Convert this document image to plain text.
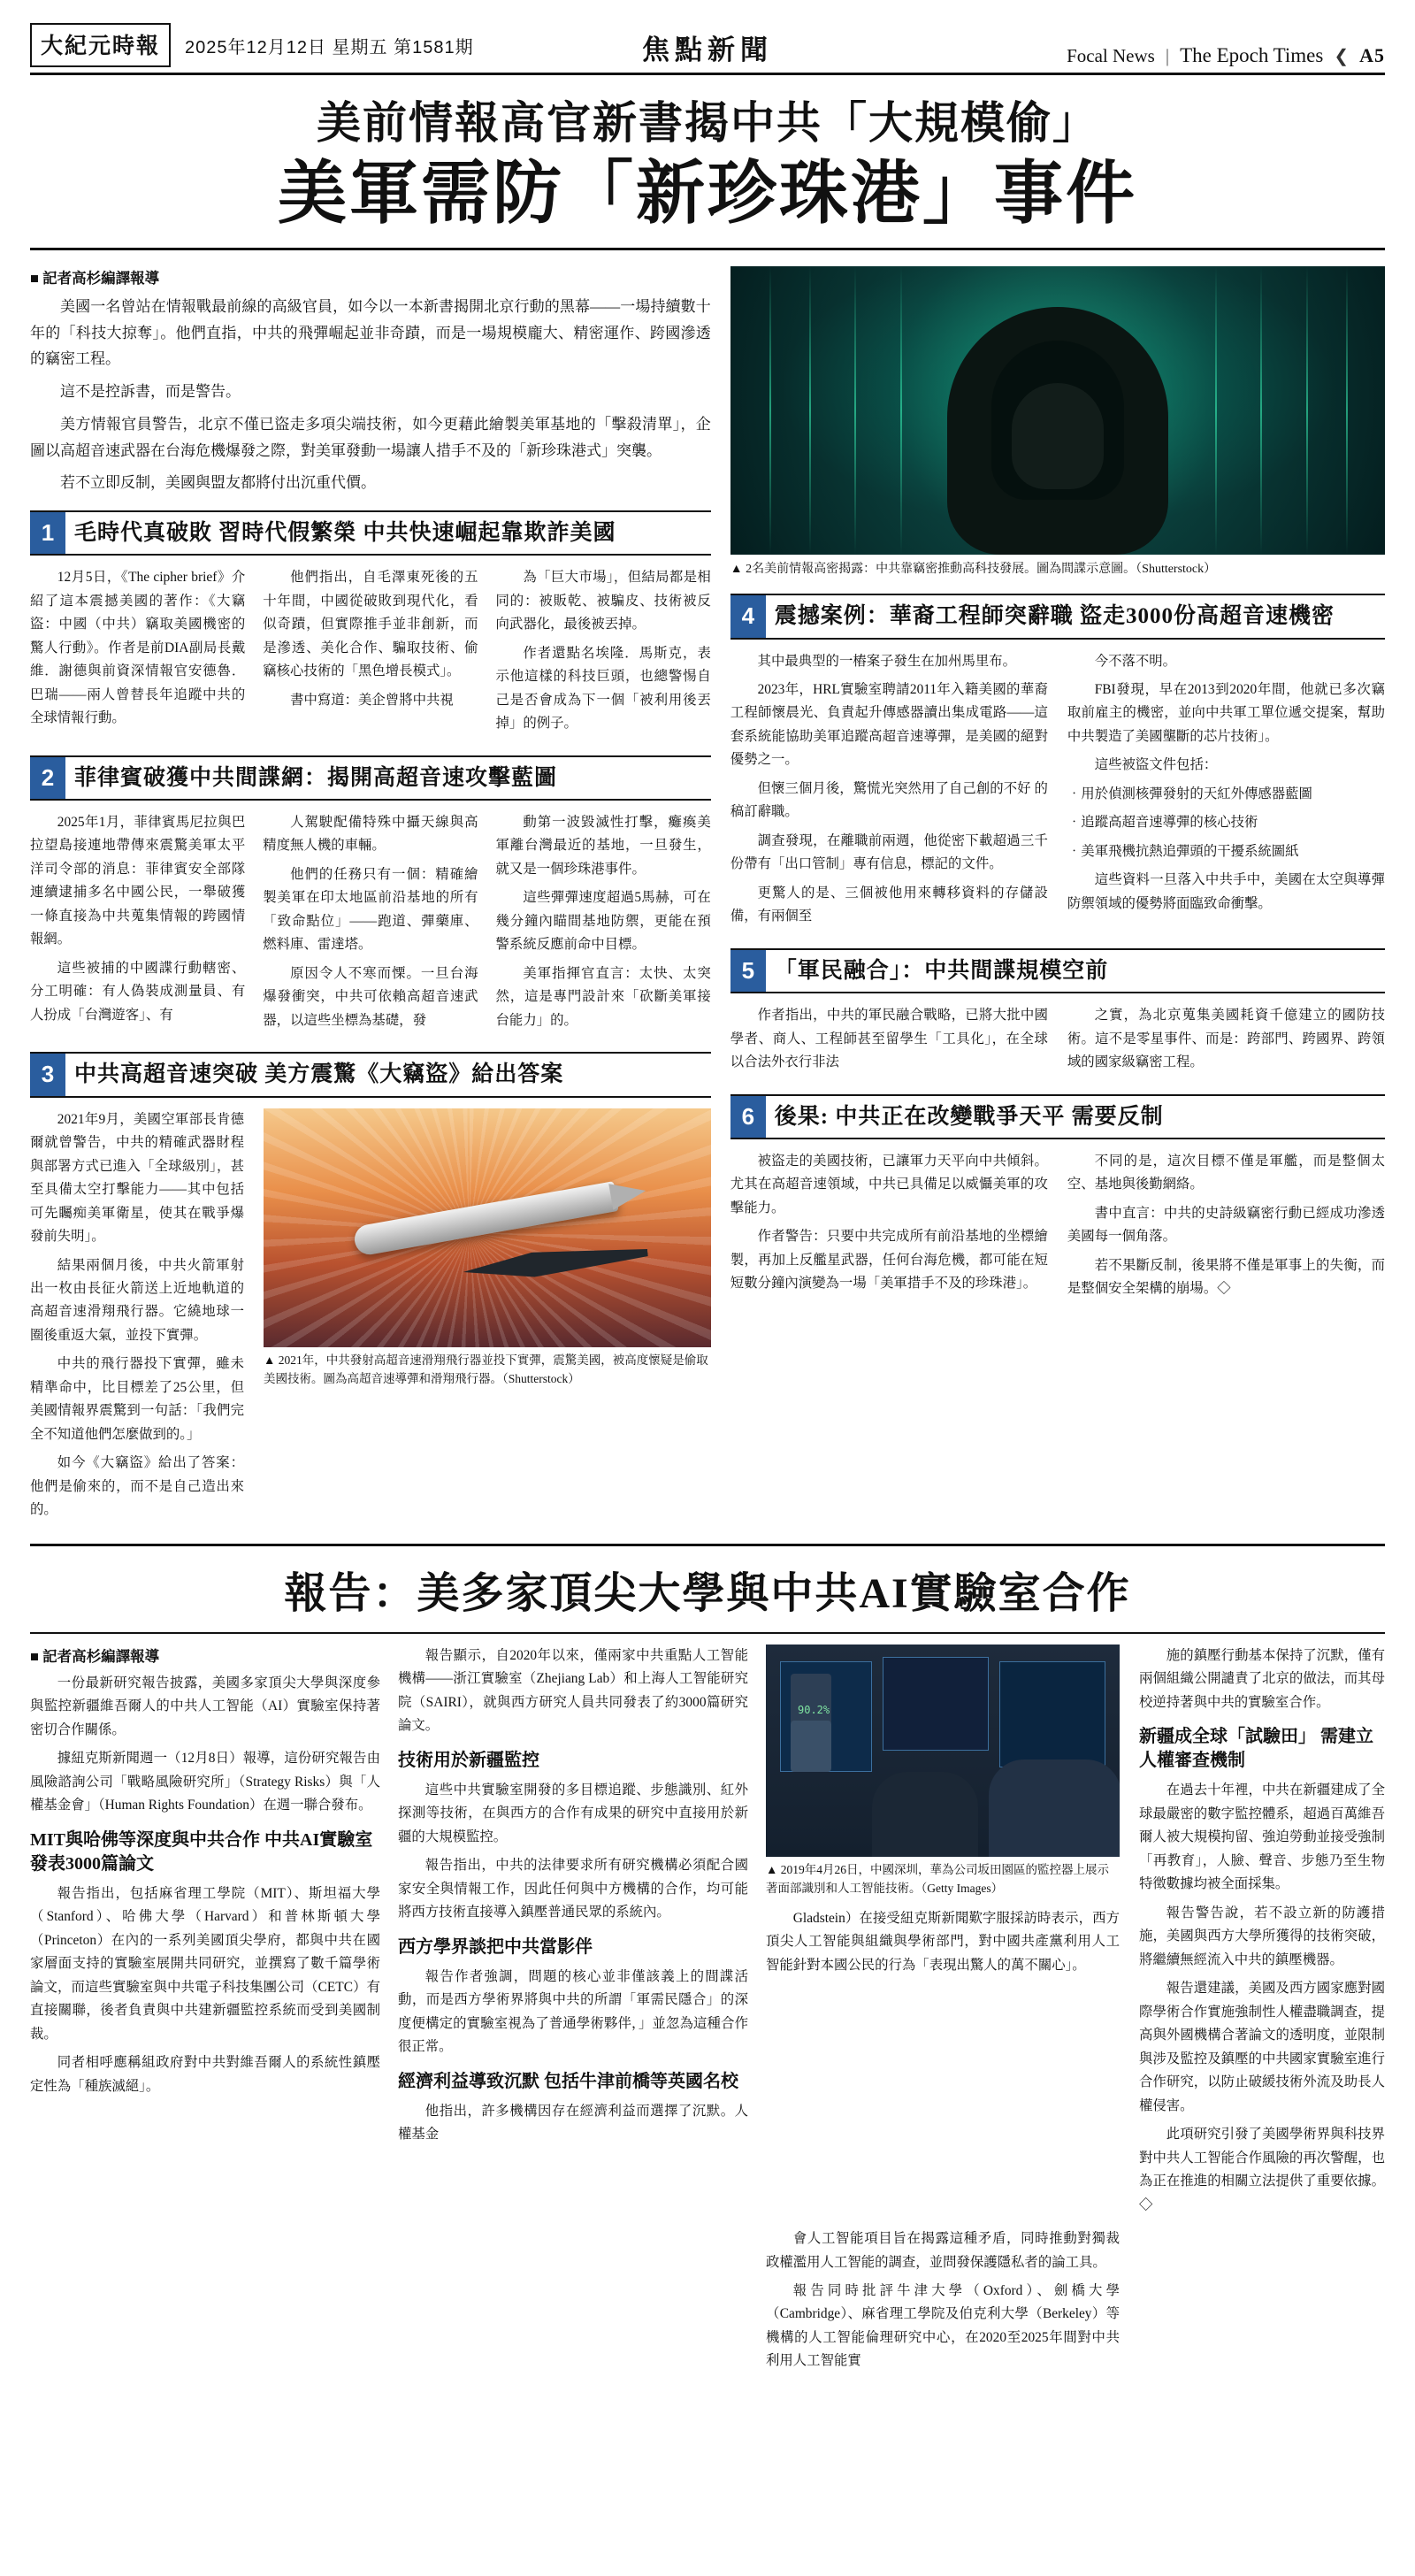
大紀元時報	2025年12月12日 星期五 第1581期	焦點新聞	Focal News | The Epoch Times ❮ A5
美前情報高官新書揭中共「大規模偷」
美軍需防「新珍珠港」事件
■ 記者高杉編譯報導

美國一名曾站在情報戰最前線的高級官員，如今以一本新書揭開北京行動的黑幕——一場持續數十年的「科技大掠奪」。他們直指，中共的飛彈崛起並非奇蹟，而是一場規模龐大、精密運作、跨國滲透的竊密工程。

這不是控訴書，而是警告。

美方情報官員警告，北京不僅已盜走多項尖端技術，如今更藉此繪製美軍基地的「擊殺清單」，企圖以高超音速武器在台海危機爆發之際，對美軍發動一場讓人措手不及的「新珍珠港式」突襲。

若不立即反制，美國與盟友都將付出沉重代價。

1 毛時代真破敗 習時代假繁榮 中共快速崛起靠欺詐美國

12月5日，《The cipher brief》介紹了這本震撼美國的著作：《大竊盜：中國（中共）竊取美國機密的驚人行動》。作者是前DIA副局長戴維．謝德與前資深情報官安德魯．巴瑞——兩人曾替長年追蹤中共的全球情報行動。

他們指出，自毛澤東死後的五十年間，中國從破敗到現代化，看似奇蹟，但實際推手並非創新，而是滲透、美化合作、騙取技術、偷竊核心技術的「黑色增長模式」。

書中寫道：美企曾將中共視

為「巨大市場」，但結局都是相同的：被販乾、被騙皮、技術被反向武器化，最後被丟掉。

作者還點名埃隆．馬斯克，表示他這樣的科技巨頭，也總警惕自己是否會成為下一個「被利用後丟掉」的例子。

2 菲律賓破獲中共間諜網：揭開高超音速攻擊藍圖

2025年1月，菲律賓馬尼拉與巴拉望島接連地帶傳來震驚美軍太平洋司令部的消息：菲律賓安全部隊連續逮捕多名中國公民，一舉破獲一條直接為中共蒐集情報的跨國情報網。

這些被捕的中國諜行動轄密、分工明確：有人偽裝成測量員、有人扮成「台灣遊客」、有

人駕駛配備特殊中攝天線與高精度無人機的車輛。

他們的任務只有一個：精確繪製美軍在印太地區前沿基地的所有「致命點位」——跑道、彈藥庫、燃料庫、雷達塔。

原因令人不寒而慄。一旦台海爆發衝突，中共可依賴高超音速武器，以這些坐標為基礎，發

動第一波毀滅性打擊，癱瘓美軍離台灣最近的基地，一旦發生，就又是一個珍珠港事件。

這些彈彈速度超過5馬赫，可在幾分鐘內瞄間基地防禦，更能在預警系統反應前命中目標。

美軍指揮官直言：太快、太突然，這是專門設計來「砍斷美軍接台能力」的。

3 中共高超音速突破 美方震驚《大竊盜》給出答案

2021年9月，美國空軍部長肯德爾就曾警告，中共的精確武器財程與部署方式已進入「全球級別」，甚至具備太空打擊能力——其中包括可先矚痴美軍衛星，使其在戰爭爆發前失明」。

結果兩個月後，中共火箭軍射出一枚由長征火箭送上近地軌道的高超音速滑翔飛行器。它繞地球一圈後重返大氣，並投下實彈。

中共的飛行器投下實彈，雖未精準命中，比目標差了25公里，但美國情報界震驚到一句話：「我們完全不知道他們怎麼做到的。」

如今《大竊盜》給出了答案：他們是偷來的，而不是自己造出來的。

▲ 2021年，中共發射高超音速滑翔飛行器並投下實彈，震驚美國，被高度懷疑是偷取美國技術。圖為高超音速導彈和滑翔飛行器。（Shutterstock）
▲ 2名美前情報高密揭露：中共靠竊密推動高科技發展。圖為間諜示意圖。（Shutterstock）
4 震撼案例：華裔工程師突辭職 盜走3000份高超音速機密

其中最典型的一樁案子發生在加州馬里布。

2023年，HRL實驗室聘請2011年入籍美國的華裔工程師懷晨光、負責起升傳感器讀出集成電路——這套系統能協助美軍追蹤高超音速導彈，是美國的絕對優勢之一。

但懷三個月後，驚慌光突然用了自己創的不好 的稿訂辭職。

調查發現，在離職前兩週，他從密下載超過三千份帶有「出口管制」專有信息，標記的文件。

更驚人的是、三個被他用來轉移資料的存儲設備，有兩個至

今不落不明。

FBI發現，早在2013到2020年間，他就已多次竊取前雇主的機密，並向中共軍工單位遞交提案，幫助中共製造了美國壟斷的芯片技術」。

這些被盜文件包括：

‧用於偵測核彈發射的天紅外傳感器藍圖

‧追蹤高超音速導彈的核心技術

‧美軍飛機抗熱追彈頭的干擾系統圖紙

這些資料一旦落入中共手中，美國在太空與導彈防禦領域的優勢將面臨致命衝擊。

5 「軍民融合」：中共間諜規模空前

作者指出，中共的軍民融合戰略，已將大批中國學者、商人、工程師甚至留學生「工具化」，在全球以合法外衣行非法

之實，為北京蒐集美國耗資千億建立的國防技術。這不是零星事件、而是：跨部門、跨國界、跨領域的國家級竊密工程。

6 後果: 中共正在改變戰爭天平 需要反制

被盜走的美國技術，已讓軍力天平向中共傾斜。尤其在高超音速領域，中共已具備足以威懾美軍的攻擊能力。

作者警告：只要中共完成所有前沿基地的坐標繪製，再加上反艦星武器，任何台海危機，都可能在短短數分鐘內演變為一場「美軍措手不及的珍珠港」。

不同的是，這次目標不僅是軍艦，而是整個太空、基地與後勤網絡。

書中直言：中共的史詩級竊密行動已經成功滲透美國每一個角落。

若不果斷反制，後果將不僅是軍事上的失衡，而是整個安全架構的崩場。◇

報告：美多家頂尖大學與中共AI實驗室合作
■ 記者高杉編譯報導

一份最新研究報告披露，美國多家頂尖大學與深度參與監控新疆維吾爾人的中共人工智能（AI）實驗室保持著密切合作關係。

據紐克斯新聞週一（12月8日）報導，這份研究報告由風險諮詢公司「戰略風險研究所」（Strategy Risks）與「人權基金會」（Human Rights Foundation）在週一聯合發布。

MIT與哈佛等深度與中共合作 中共AI實驗室發表3000篇論文

報告指出，包括麻省理工學院（MIT）、斯坦福大學（Stanford）、哈佛大學（Harvard）和普林斯頓大學（Princeton）在內的一系列美國頂尖學府，都與中共在國家層面支持的實驗室展開共同研究，並撰寫了數千篇學術論文，而這些實驗室與中共電子科技集團公司（CETC）有直接關聯，後者負責與中共建新疆監控系統而受到美國制裁。

同者相呼應稱組政府對中共對維吾爾人的系統性鎮壓定性為「種族滅絕」。

報告顯示，自2020年以來，僅兩家中共重點人工智能機構——浙江實驗室（Zhejiang Lab）和上海人工智能研究院（SAIRI），就與西方研究人員共同發表了約3000篇研究論文。

技術用於新疆監控

這些中共實驗室開發的多目標追蹤、步態識別、紅外探測等技術，在與西方的合作有成果的研究中直接用於新疆的大規模監控。

報告指出，中共的法律要求所有研究機構必須配合國家安全與情報工作，因此任何與中方機構的合作，均可能將西方技術直接導入鎮壓普通民眾的系統內。

西方學界談把中共當影伴

報告作者強調，問題的核心並非僅該義上的間諜活動，而是西方學術界將與中共的所謂「軍需民隱合」的深度便構定的實驗室視為了普通學術夥伴，」並忽為這種合作很正常。

經濟利益導致沉默 包括牛津前橋等英國名校

他指出，許多機構因存在經濟利益而選擇了沉默。人權基金

90.2%
▲ 2019年4月26日，中國深圳，華為公司坂田園區的監控器上展示著面部識別和人工智能技術。（Getty Images）

Gladstein）在接受紐克斯新聞歎字服採訪時表示，西方頂尖人工智能與組織與學術部門，對中國共產黨利用人工智能針對本國公民的行為「表現出驚人的萬不關心」。

施的鎮壓行動基本保持了沉默，僅有兩個組織公開譴責了北京的做法，而其母校逆持著與中共的實驗室合作。

新疆成全球「試驗田」 需建立人權審查機制

在過去十年裡，中共在新疆建成了全球最嚴密的數字監控體系，超過百萬維吾爾人被大規模拘留、強迫勞動並接受強制「再教育」，人臉、聲音、步態乃至生物特徵數據均被全面採集。

報告警告說，若不設立新的防護措施，美國與西方大學所獲得的技術突破，將繼續無經流入中共的鎮壓機器。

報告還建議，美國及西方國家應對國際學術合作實施強制性人權盡職調查，提高與外國機構合著論文的透明度，並限制與涉及監控及鎮壓的中共國家實驗室進行合作研究，以防止破緩技術外流及助長人權侵害。

此項研究引發了美國學術界與科技界對中共人工智能合作風險的再次警醒，也為正在推進的相關立法提供了重要依據。◇

會人工智能項目旨在揭露這種矛盾，同時推動對獨裁政權濫用人工智能的調查，並問發保護隱私者的論工具。

報告同時批評牛津大學（Oxford）、劍橋大學（Cambridge）、麻省理工學院及伯克利大學（Berkeley）等機構的人工智能倫理研究中心，在2020至2025年間對中共利用人工智能實
